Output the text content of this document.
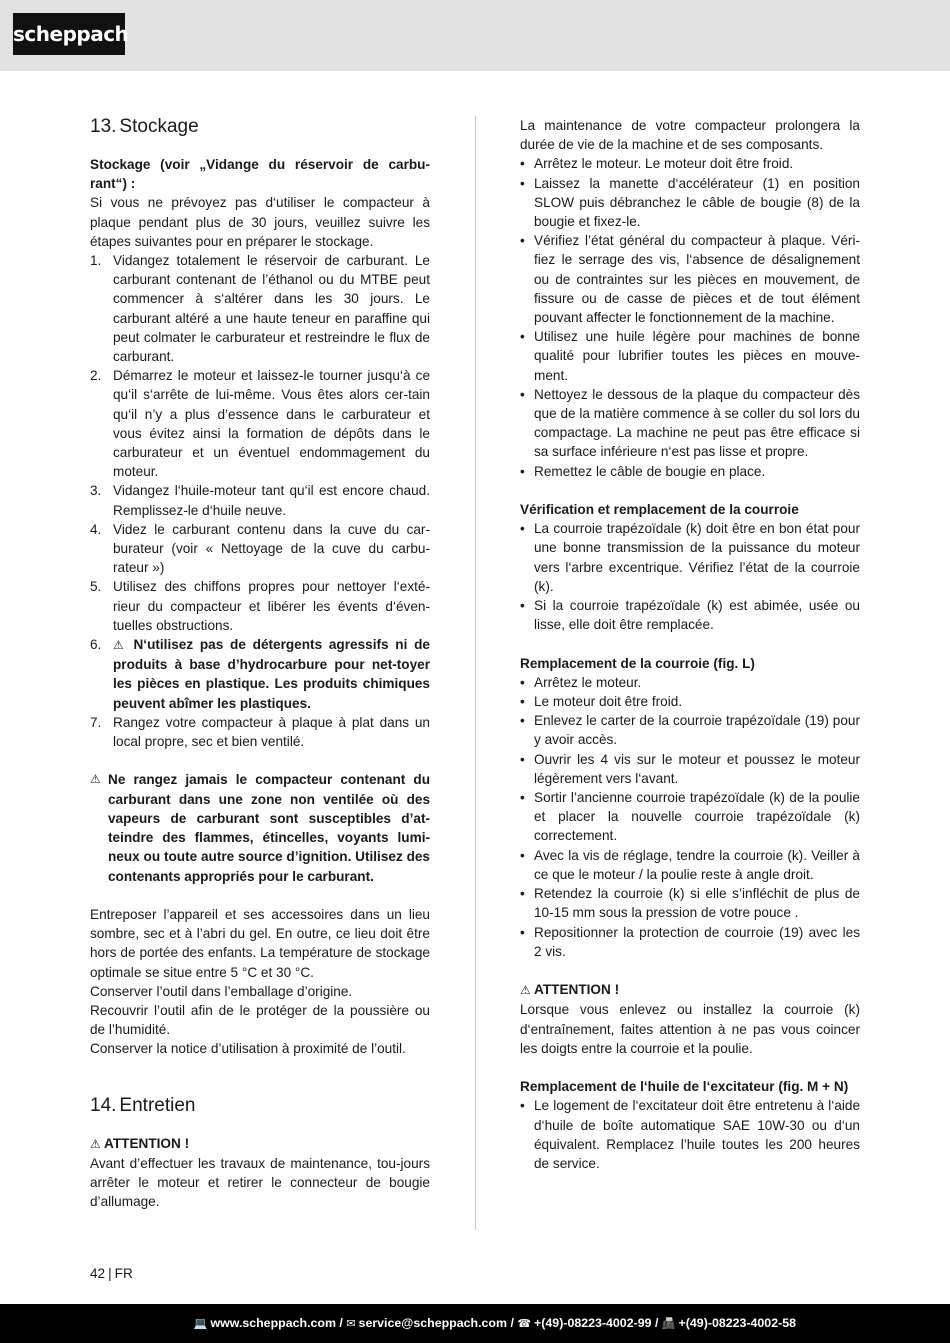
scheppach
13. Stockage

Stockage (voir „Vidange du réservoir de carbu-rant“) :

Si vous ne prévoyez pas d‘utiliser le compacteur à plaque pendant plus de 30 jours, veuillez suivre les étapes suivantes pour en préparer le stockage.

1. Vidangez totalement le réservoir de carburant. Le carburant contenant de l’éthanol ou du MTBE peut commencer à s‘altérer dans les 30 jours. Le carburant altéré a une haute teneur en paraffine qui peut colmater le carburateur et restreindre le flux de carburant.
2. Démarrez le moteur et laissez-le tourner jusqu‘à ce qu‘il s‘arrête de lui-même. Vous êtes alors cer-tain qu‘il n’y a plus d’essence dans le carburateur et vous évitez ainsi la formation de dépôts dans le carburateur et un éventuel endommagement du moteur.
3. Vidangez l‘huile-moteur tant qu‘il est encore chaud. Remplissez-le d‘huile neuve.
4. Videz le carburant contenu dans la cuve du car-burateur (voir « Nettoyage de la cuve du carbu-rateur »)
5. Utilisez des chiffons propres pour nettoyer l‘exté-rieur du compacteur et libérer les évents d‘éven-tuelles obstructions.
6. ⚠ N‘utilisez pas de détergents agressifs ni de produits à base d’hydrocarbure pour net-toyer les pièces en plastique. Les produits chimiques peuvent abîmer les plastiques.
7. Rangez votre compacteur à plaque à plat dans un local propre, sec et bien ventilé.

⚠ Ne rangez jamais le compacteur contenant du carburant dans une zone non ventilée où des vapeurs de carburant sont susceptibles d’at-teindre des flammes, étincelles, voyants lumi-neux ou toute autre source d’ignition. Utilisez des contenants appropriés pour le carburant.

Entreposer l’appareil et ses accessoires dans un lieu sombre, sec et à l’abri du gel. En outre, ce lieu doit être hors de portée des enfants. La température de stockage optimale se situe entre 5 °C et 30 °C.

Conserver l’outil dans l’emballage d’origine.

Recouvrir l’outil afin de le protéger de la poussière ou de l’humidité.

Conserver la notice d’utilisation à proximité de l’outil.

14. Entretien

⚠ ATTENTION !

Avant d’effectuer les travaux de maintenance, tou-jours arrêter le moteur et retirer le connecteur de bougie d’allumage.

La maintenance de votre compacteur prolongera la durée de vie de la machine et de ses composants.

• Arrêtez le moteur. Le moteur doit être froid.
• Laissez la manette d‘accélérateur (1) en position SLOW puis débranchez le câble de bougie (8) de la bougie et fixez-le.
• Vérifiez l’état général du compacteur à plaque. Véri-fiez le serrage des vis, l‘absence de désalignement ou de contraintes sur les pièces en mouvement, de fissure ou de casse de pièces et de tout élément pouvant affecter le fonctionnement de la machine.
• Utilisez une huile légère pour machines de bonne qualité pour lubrifier toutes les pièces en mouve-ment.
• Nettoyez le dessous de la plaque du compacteur dès que de la matière commence à se coller du sol lors du compactage. La machine ne peut pas être efficace si sa surface inférieure n‘est pas lisse et propre.
• Remettez le câble de bougie en place.

Vérification et remplacement de la courroie

• La courroie trapézoïdale (k) doit être en bon état pour une bonne transmission de la puissance du moteur vers l‘arbre excentrique. Vérifiez l’état de la courroie (k).
• Si la courroie trapézoïdale (k) est abimée, usée ou lisse, elle doit être remplacée.

Remplacement de la courroie (fig. L)

• Arrêtez le moteur.
• Le moteur doit être froid.
• Enlevez le carter de la courroie trapézoïdale (19) pour y avoir accès.
• Ouvrir les 4 vis sur le moteur et poussez le moteur légèrement vers l‘avant.
• Sortir l’ancienne courroie trapézoïdale (k) de la poulie et placer la nouvelle courroie trapézoïdale (k) correctement.
• Avec la vis de réglage, tendre la courroie (k). Veiller à ce que le moteur / la poulie reste à angle droit.
• Retendez la courroie (k) si elle s’infléchit de plus de 10-15 mm sous la pression de votre pouce .
• Repositionner la protection de courroie (19) avec les 2 vis.

⚠ ATTENTION !

Lorsque vous enlevez ou installez la courroie (k) d‘entraînement, faites attention à ne pas vous coincer les doigts entre la courroie et la poulie.

Remplacement de l‘huile de l‘excitateur (fig. M + N)

• Le logement de l‘excitateur doit être entretenu à l‘aide d‘huile de boîte automatique SAE 10W-30 ou d‘un équivalent. Remplacez l’huile toutes les 200 heures de service.
42 | FR
💻 www.scheppach.com / ✉ service@scheppach.com / ☎ +(49)-08223-4002-99 / 📠 +(49)-08223-4002-58
